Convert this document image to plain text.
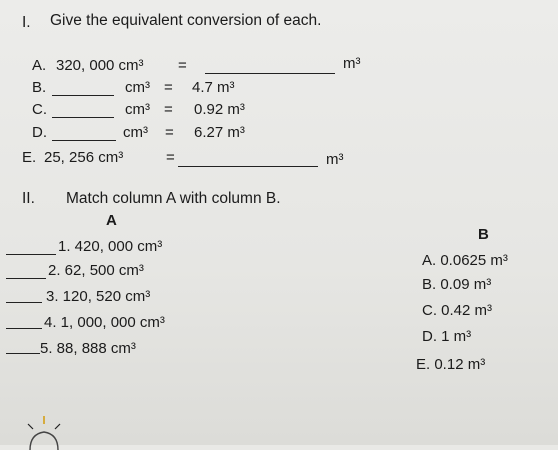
I. Give the equivalent conversion of each.
A. 320, 000 cm³ =	m³
B.	cm³ = 4.7 m³
C.	cm³ = 0.92 m³
D.	cm³ = 6.27 m³
E. 25, 256 cm³	=	m³
II. Match column A with column B.
A
B
1. 420, 000 cm³
2. 62, 500 cm³
3. 120, 520 cm³
4. 1, 000, 000 cm³
5. 88, 888 cm³
A. 0.0625 m³
B. 0.09 m³
C. 0.42 m³
D. 1 m³
E. 0.12 m³
